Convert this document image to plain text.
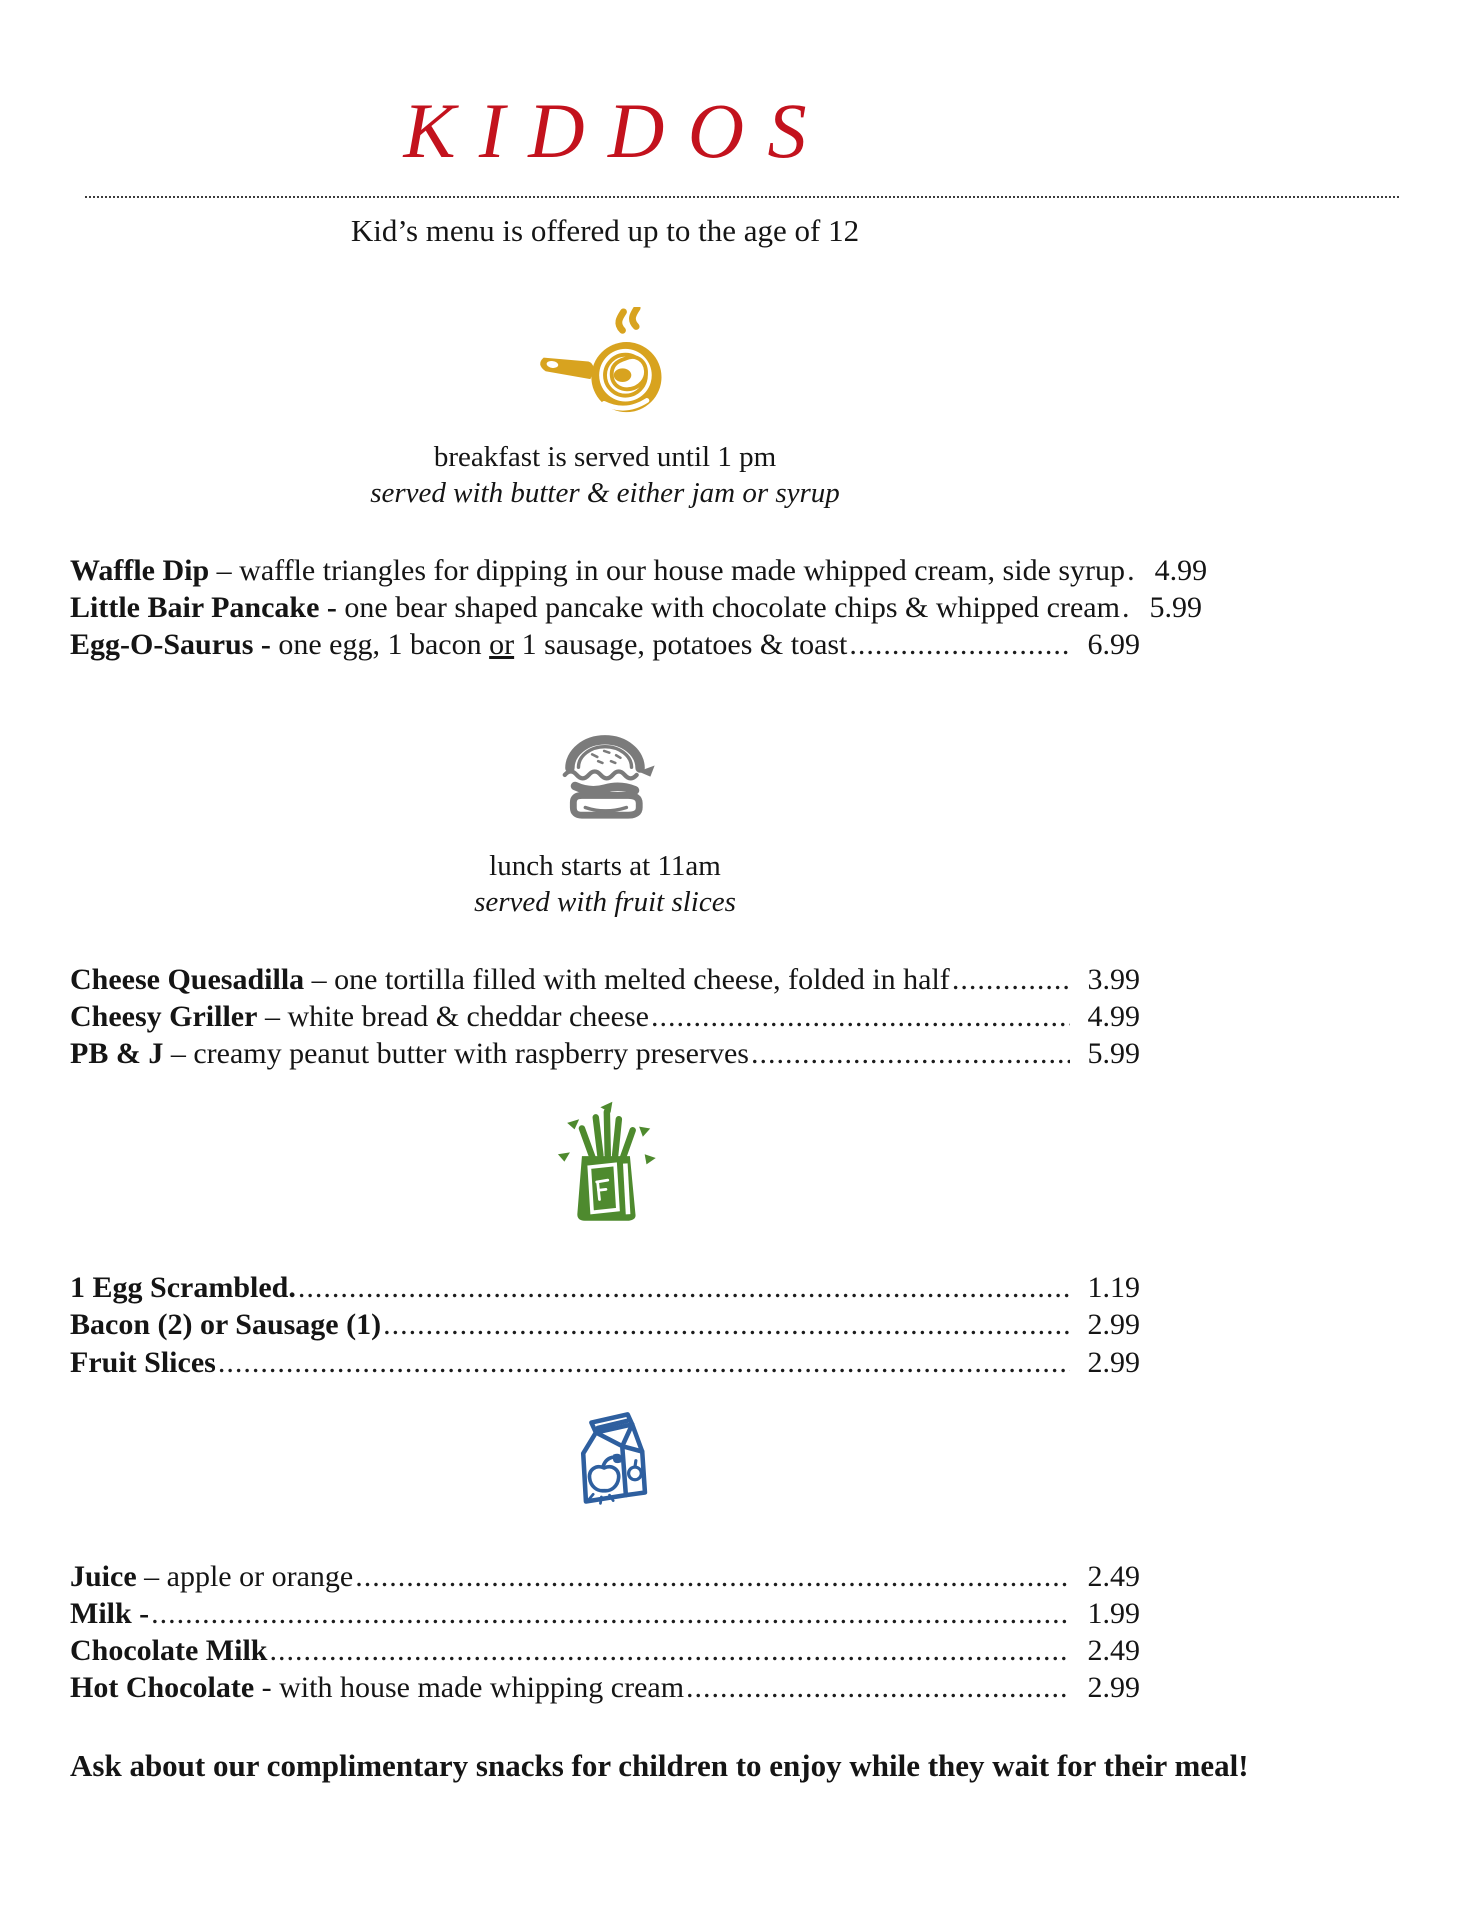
KIDDOS
Kid’s menu is offered up to the age of 12
breakfast is served until 1 pm
served with butter & either jam or syrup
Waffle Dip – waffle triangles for dipping in our house made whipped cream, side syrup ..... 4.99
Little Bair Pancake - one bear shaped pancake with chocolate chips & whipped cream ..... 5.99
Egg-O-Saurus - one egg, 1 bacon or 1 sausage, potatoes & toast .....	6.99
lunch starts at 11am
served with fruit slices
Cheese Quesadilla – one tortilla filled with melted cheese, folded in half .....	3.99
Cheesy Griller – white bread & cheddar cheese .....	4.99
PB & J – creamy peanut butter with raspberry preserves .....	5.99
1 Egg Scrambled. .....	1.19
Bacon (2) or Sausage (1) .....	2.99
Fruit Slices .....	2.99
Juice – apple or orange .....	2.49
Milk - .....	1.99
Chocolate Milk .....	2.49
Hot Chocolate - with house made whipping cream .....	2.99
Ask about our complimentary snacks for children to enjoy while they wait for their meal!
